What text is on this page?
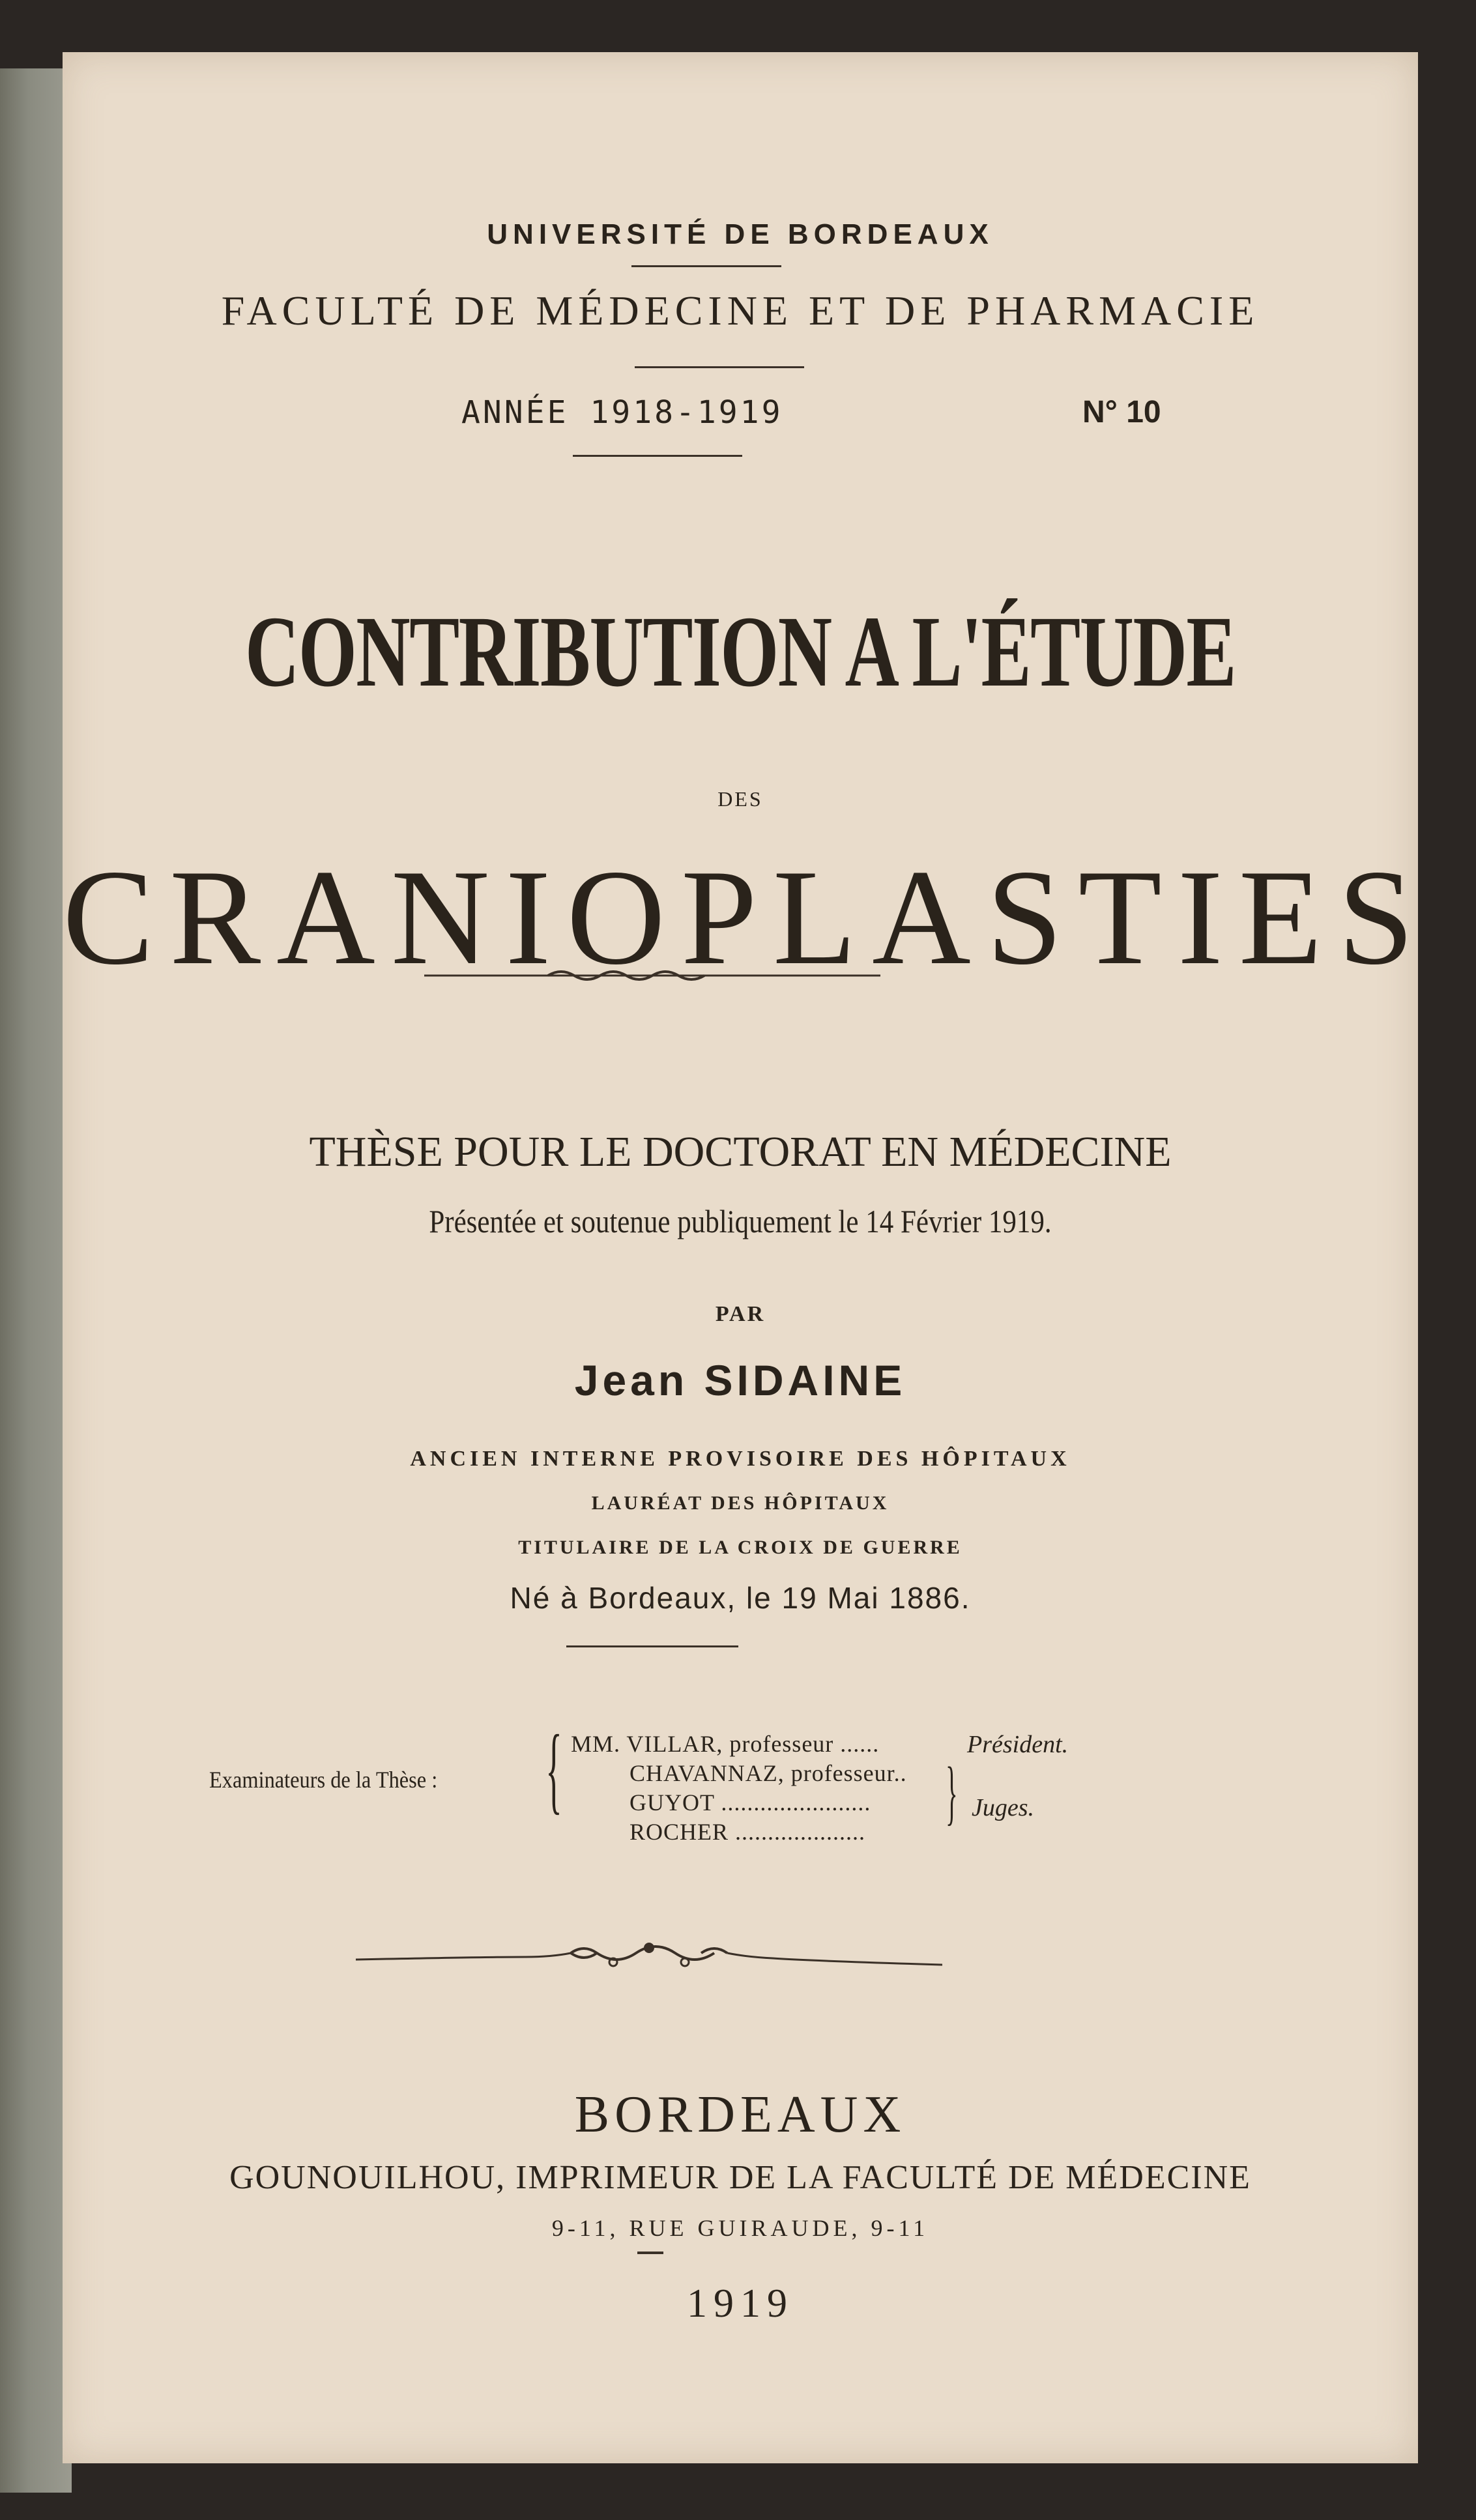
UNIVERSITÉ DE BORDEAUX
FACULTÉ DE MÉDECINE ET DE PHARMACIE
ANNÉE 1918-1919	N° 10
CONTRIBUTION A L'ÉTUDE
DES
CRANIOPLASTIES
THÈSE POUR LE DOCTORAT EN MÉDECINE
Présentée et soutenue publiquement le 14 Février 1919.
PAR
Jean SIDAINE
ANCIEN INTERNE PROVISOIRE DES HÔPITAUX
LAURÉAT DES HÔPITAUX
TITULAIRE DE LA CROIX DE GUERRE
Né à Bordeaux, le 19 Mai 1886.
Examinateurs de la Thèse : { MM. VILLAR, professeur ......
CHAVANNAZ, professeur..
GUYOT .......................
ROCHER ....................
Président.
} Juges.
BORDEAUX
GOUNOUILHOU, IMPRIMEUR DE LA FACULTÉ DE MÉDECINE
9-11, RUE GUIRAUDE, 9-11
1919
